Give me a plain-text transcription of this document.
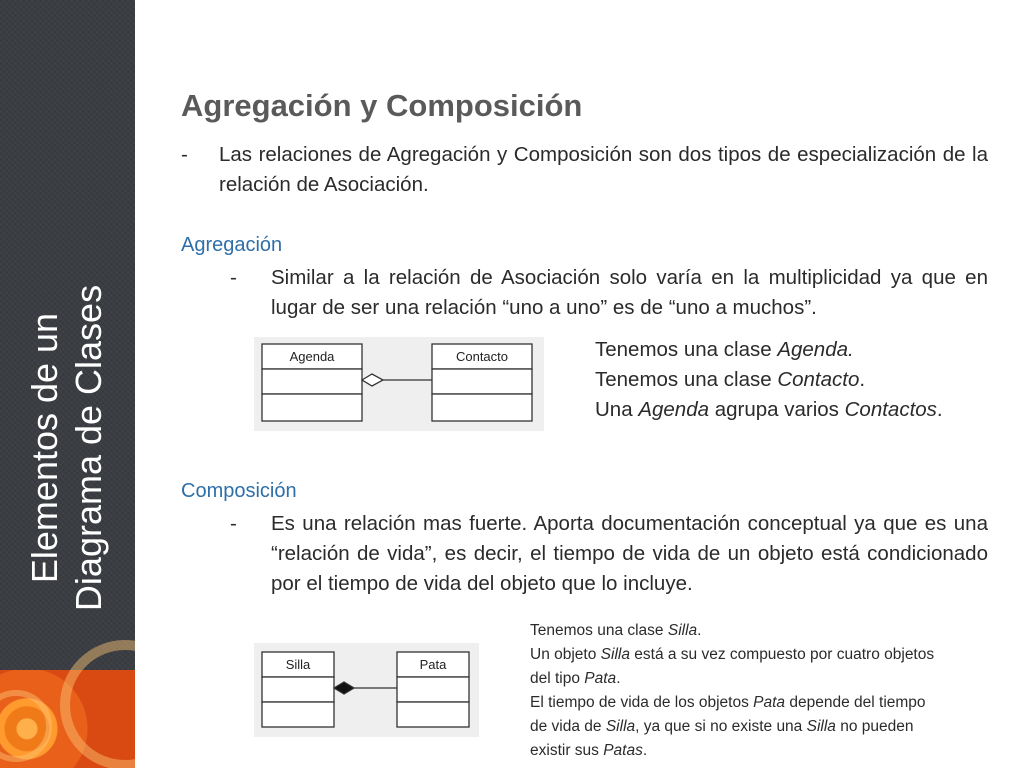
Elementos de un Diagrama de Clases
Agregación y Composición
- Las relaciones de Agregación y Composición son dos tipos de especialización de la relación de Asociación.
Agregación
- Similar a la relación de Asociación solo varía en la multiplicidad ya que en lugar de ser una relación “uno a uno” es de “uno a muchos”.
Agenda	Contacto	Tenemos una clase Agenda.
Tenemos una clase Contacto.
Una Agenda agrupa varios Contactos.
Composición
- Es una relación mas fuerte. Aporta documentación conceptual ya que es una “relación de vida”, es decir, el tiempo de vida de un objeto está condicionado por el tiempo de vida del objeto que lo incluye.
Silla	Pata
Tenemos una clase Silla.
Un objeto Silla está a su vez compuesto por cuatro objetos
del tipo Pata.
El tiempo de vida de los objetos Pata depende del tiempo
de vida de Silla, ya que si no existe una Silla no pueden
existir sus Patas.
